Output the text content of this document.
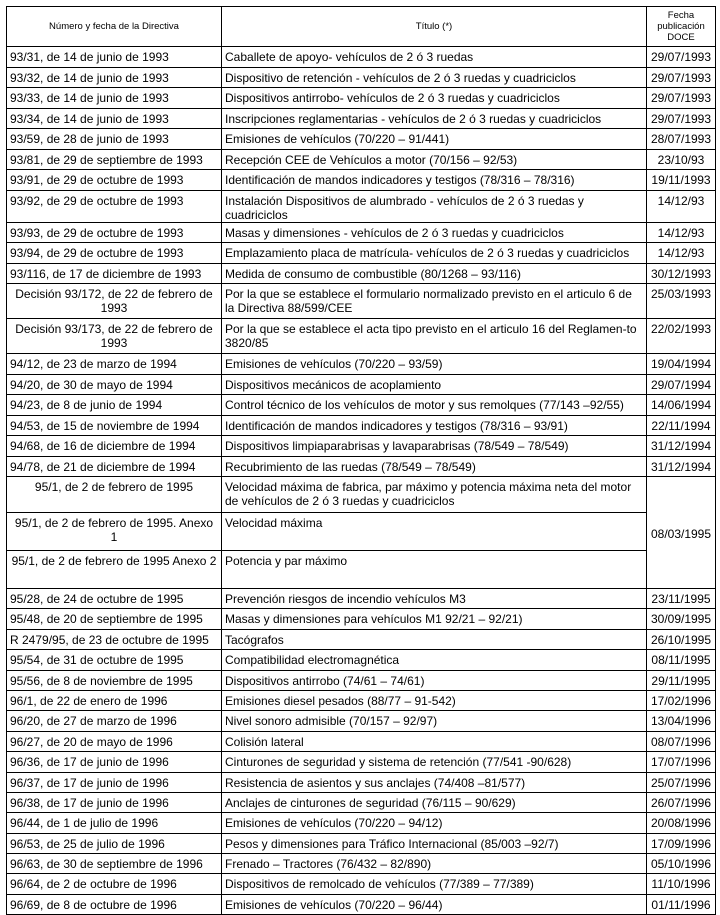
Número y fecha de la Directiva	Título (*)	Fecha publicación DOCE
93/31, de 14 de junio de 1993	Caballete de apoyo- vehículos de 2 ó 3 ruedas	29/07/1993
93/32, de 14 de junio de 1993	Dispositivo de retención - vehículos de 2 ó 3 ruedas y cuadriciclos	29/07/1993
93/33, de 14 de junio de 1993	Dispositivos antirrobo- vehículos de 2 ó 3 ruedas y cuadriciclos	29/07/1993
93/34, de 14 de junio de 1993	Inscripciones reglamentarias - vehículos de 2 ó 3 ruedas y cuadriciclos	29/07/1993
93/59, de 28 de junio de 1993	Emisiones de vehículos (70/220 – 91/441)	28/07/1993
93/81, de 29 de septiembre de 1993	Recepción CEE de Vehículos a motor (70/156 – 92/53)	23/10/93
93/91, de 29 de octubre de 1993	Identificación de mandos indicadores y testigos (78/316 – 78/316)	19/11/1993
93/92, de 29 de octubre de 1993	Instalación Dispositivos de alumbrado - vehículos de 2 ó 3 ruedas y cuadriciclos	14/12/93
93/93, de 29 de octubre de 1993	Masas y dimensiones - vehículos de 2 ó 3 ruedas y cuadriciclos	14/12/93
93/94, de 29 de octubre de 1993	Emplazamiento placa de matrícula- vehículos de 2 ó 3 ruedas y cuadriciclos	14/12/93
93/116, de 17 de diciembre de 1993	Medida de consumo de combustible (80/1268 – 93/116)	30/12/1993
Decisión 93/172, de 22 de febrero de 1993	Por la que se establece el formulario normalizado previsto en el articulo 6 de la Directiva 88/599/CEE	25/03/1993
Decisión 93/173, de 22 de febrero de 1993	Por la que se establece el acta tipo previsto en el articulo 16 del Reglamen-to 3820/85	22/02/1993
94/12, de 23 de marzo de 1994	Emisiones de vehículos (70/220 – 93/59)	19/04/1994
94/20, de 30 de mayo de 1994	Dispositivos mecánicos de acoplamiento	29/07/1994
94/23, de 8 de junio de 1994	Control técnico de los vehículos de motor y sus remolques (77/143 –92/55)	14/06/1994
94/53, de 15 de noviembre de 1994	Identificación de mandos indicadores y testigos (78/316 – 93/91)	22/11/1994
94/68, de 16 de diciembre de 1994	Dispositivos limpiaparabrisas y lavaparabrisas (78/549 – 78/549)	31/12/1994
94/78, de 21 de diciembre de 1994	Recubrimiento de las ruedas (78/549 – 78/549)	31/12/1994
95/1, de 2 de febrero de 1995	Velocidad máxima de fabrica, par máximo y potencia máxima neta del motor de vehículos de 2 ó 3 ruedas y cuadriciclos	08/03/1995
95/1, de 2 de febrero de 1995. Anexo 1	Velocidad máxima	
95/1, de 2 de febrero de 1995 Anexo 2	Potencia y par máximo	
95/28, de 24 de octubre de 1995	Prevención riesgos de incendio vehículos M3	23/11/1995
95/48, de 20 de septiembre de 1995	Masas y dimensiones para vehículos M1 92/21 – 92/21)	30/09/1995
R 2479/95, de 23 de octubre de 1995	Tacógrafos	26/10/1995
95/54, de 31 de octubre de 1995	Compatibilidad electromagnética	08/11/1995
95/56, de 8 de noviembre de 1995	Dispositivos antirrobo (74/61 – 74/61)	29/11/1995
96/1, de 22 de enero de 1996	Emisiones diesel pesados (88/77 – 91-542)	17/02/1996
96/20, de 27 de marzo de 1996	Nivel sonoro admisible (70/157 – 92/97)	13/04/1996
96/27, de 20 de mayo de 1996	Colisión lateral	08/07/1996
96/36, de 17 de junio de 1996	Cinturones de seguridad y sistema de retención (77/541 -90/628)	17/07/1996
96/37, de 17 de junio de 1996	Resistencia de asientos y sus anclajes (74/408 –81/577)	25/07/1996
96/38, de 17 de junio de 1996	Anclajes de cinturones de seguridad (76/115 – 90/629)	26/07/1996
96/44, de 1 de julio de 1996	Emisiones de vehículos (70/220 – 94/12)	20/08/1996
96/53, de 25 de julio de 1996	Pesos y dimensiones para Tráfico Internacional (85/003 –92/7)	17/09/1996
96/63, de 30 de septiembre de 1996	Frenado – Tractores (76/432 – 82/890)	05/10/1996
96/64, de 2 de octubre de 1996	Dispositivos de remolcado de vehículos (77/389 – 77/389)	11/10/1996
96/69, de 8 de octubre de 1996	Emisiones de vehículos (70/220 – 96/44)	01/11/1996
